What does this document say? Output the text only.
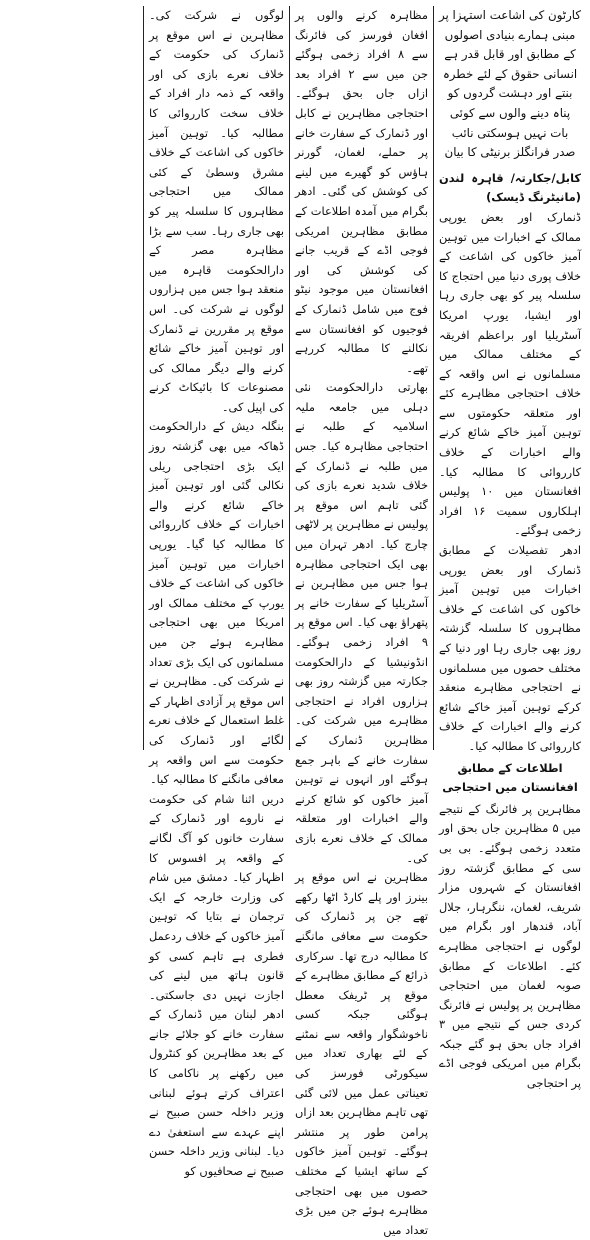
کارٹون کی اشاعت استہزا پر مبنی ہمارے بنیادی اصولوں کے مطابق اور قابل قدر ہے انسانی حقوق کے لئے خطرہ بنتے اور دہشت گردوں کو پناہ دینے والوں سے کوئی بات نہیں ہوسکتی نائب صدر فرانگلز برنیٹی کا بیان

کابل/جکارتہ/ قاہرہ لندن (مانیٹرنگ ڈیسک)

ڈنمارک اور بعض یورپی ممالک کے اخبارات میں توہین آمیز خاکوں کی اشاعت کے خلاف پوری دنیا میں احتجاج کا سلسلہ پیر کو بھی جاری رہا اور ایشیا، یورپ امریکا آسٹریلیا اور براعظم افریقہ کے مختلف ممالک میں مسلمانوں نے اس واقعہ کے خلاف احتجاجی مظاہرے کئے اور متعلقہ حکومتوں سے توہین آمیز خاکے شائع کرنے والے اخبارات کے خلاف کارروائی کا مطالبہ کیا۔ افغانستان میں ۱۰ پولیس اہلکاروں سمیت ۱۶ افراد زخمی ہوگئے۔

ادھر تفصیلات کے مطابق ڈنمارک اور بعض یورپی اخبارات میں توہین آمیز خاکوں کی اشاعت کے خلاف مظاہروں کا سلسلہ گزشتہ روز بھی جاری رہا اور دنیا کے مختلف حصوں میں مسلمانوں نے احتجاجی مظاہرے منعقد کرکے توہین آمیز خاکے شائع کرنے والے اخبارات کے خلاف کارروائی کا مطالبہ کیا۔

اطلاعات کے مطابق افغانستان میں احتجاجی

مظاہرین پر فائرنگ کے نتیجے میں ۵ مظاہرین جاں بحق اور متعدد زخمی ہوگئے۔ بی بی سی کے مطابق گزشتہ روز افغانستان کے شہروں مزار شریف، لغمان، ننگرہار، جلال آباد، قندھار اور بگرام میں لوگوں نے احتجاجی مظاہرے کئے۔ اطلاعات کے مطابق صوبہ لغمان میں احتجاجی مظاہرین پر پولیس نے فائرنگ کردی جس کے نتیجے میں ۳ افراد جاں بحق ہو گئے جبکہ بگرام میں امریکی فوجی اڈے پر احتجاجی

مظاہرہ کرنے والوں پر افغان فورسز کی فائرنگ سے ۸ افراد زخمی ہوگئے جن میں سے ۲ افراد بعد ازاں جاں بحق ہوگئے۔ احتجاجی مظاہرین نے کابل اور ڈنمارک کے سفارت خانے پر حملے، لغمان، گورنر ہاؤس کو گھیرے میں لینے کی کوشش کی گئی۔ ادھر بگرام میں آمدہ اطلاعات کے مطابق مظاہرین امریکی فوجی اڈے کے قریب جانے کی کوشش کی اور افغانستان میں موجود نیٹو فوج میں شامل ڈنمارک کے فوجیوں کو افغانستان سے نکالنے کا مطالبہ کررہے تھے۔

بھارتی دارالحکومت نئی دہلی میں جامعہ ملیہ اسلامیہ کے طلبہ نے احتجاجی مظاہرہ کیا۔ جس میں طلبہ نے ڈنمارک کے خلاف شدید نعرے بازی کی گئی تاہم اس موقع پر پولیس نے مظاہرین پر لاٹھی چارج کیا۔ ادھر تہران میں بھی ایک احتجاجی مظاہرہ ہوا جس میں مظاہرین نے آسٹریلیا کے سفارت خانے پر پتھراؤ بھی کیا۔ اس موقع پر ۹ افراد زخمی ہوگئے۔ انڈونیشیا کے دارالحکومت جکارتہ میں گزشتہ روز بھی ہزاروں افراد نے احتجاجی مظاہرے میں شرکت کی۔ مظاہرین ڈنمارک کے سفارت خانے کے باہر جمع ہوگئے اور انہوں نے توہین آمیز خاکوں کو شائع کرنے والے اخبارات اور متعلقہ ممالک کے خلاف نعرے بازی کی۔

مظاہرین نے اس موقع پر بینرز اور پلے کارڈ اٹھا رکھے تھے جن پر ڈنمارک کی حکومت سے معافی مانگنے کا مطالبہ درج تھا۔ سرکاری ذرائع کے مطابق مظاہرے کے موقع پر ٹریفک معطل ہوگئی جبکہ کسی ناخوشگوار واقعہ سے نمٹنے کے لئے بھاری تعداد میں سیکورٹی فورسز کی تعیناتی عمل میں لائی گئی تھی تاہم مظاہرین بعد ازاں پرامن طور پر منتشر ہوگئے۔ توہین آمیز خاکوں کے ساتھ ایشیا کے مختلف حصوں میں بھی احتجاجی مظاہرے ہوئے جن میں بڑی تعداد میں

لوگوں نے شرکت کی۔ مظاہرین نے اس موقع پر ڈنمارک کی حکومت کے خلاف نعرے بازی کی اور واقعہ کے ذمہ دار افراد کے خلاف سخت کارروائی کا مطالبہ کیا۔ توہین آمیز خاکوں کی اشاعت کے خلاف مشرق وسطیٰ کے کئی ممالک میں احتجاجی مظاہروں کا سلسلہ پیر کو بھی جاری رہا۔ سب سے بڑا مظاہرہ مصر کے دارالحکومت قاہرہ میں منعقد ہوا جس میں ہزاروں لوگوں نے شرکت کی۔ اس موقع پر مقررین نے ڈنمارک اور توہین آمیز خاکے شائع کرنے والے دیگر ممالک کی مصنوعات کا بائیکاٹ کرنے کی اپیل کی۔

بنگلہ دیش کے دارالحکومت ڈھاکہ میں بھی گزشتہ روز ایک بڑی احتجاجی ریلی نکالی گئی اور توہین آمیز خاکے شائع کرنے والے اخبارات کے خلاف کارروائی کا مطالبہ کیا گیا۔ یورپی اخبارات میں توہین آمیز خاکوں کی اشاعت کے خلاف یورپ کے مختلف ممالک اور امریکا میں بھی احتجاجی مظاہرے ہوئے جن میں مسلمانوں کی ایک بڑی تعداد نے شرکت کی۔ مظاہرین نے اس موقع پر آزادی اظہار کے غلط استعمال کے خلاف نعرے لگائے اور ڈنمارک کی حکومت سے اس واقعہ پر معافی مانگنے کا مطالبہ کیا۔

دریں اثنا شام کی حکومت نے ناروے اور ڈنمارک کے سفارت خانوں کو آگ لگانے کے واقعہ پر افسوس کا اظہار کیا۔ دمشق میں شام کی وزارت خارجہ کے ایک ترجمان نے بتایا کہ توہین آمیز خاکوں کے خلاف ردعمل فطری ہے تاہم کسی کو قانون ہاتھ میں لینے کی اجازت نہیں دی جاسکتی۔ ادھر لبنان میں ڈنمارک کے سفارت خانے کو جلائے جانے کے بعد مظاہرین کو کنٹرول میں رکھنے پر ناکامی کا اعتراف کرتے ہوئے لبنانی وزیر داخلہ حسن صبیح نے اپنے عہدے سے استعفیٰ دے دیا۔ لبنانی وزیر داخلہ حسن صبیح نے صحافیوں کو
